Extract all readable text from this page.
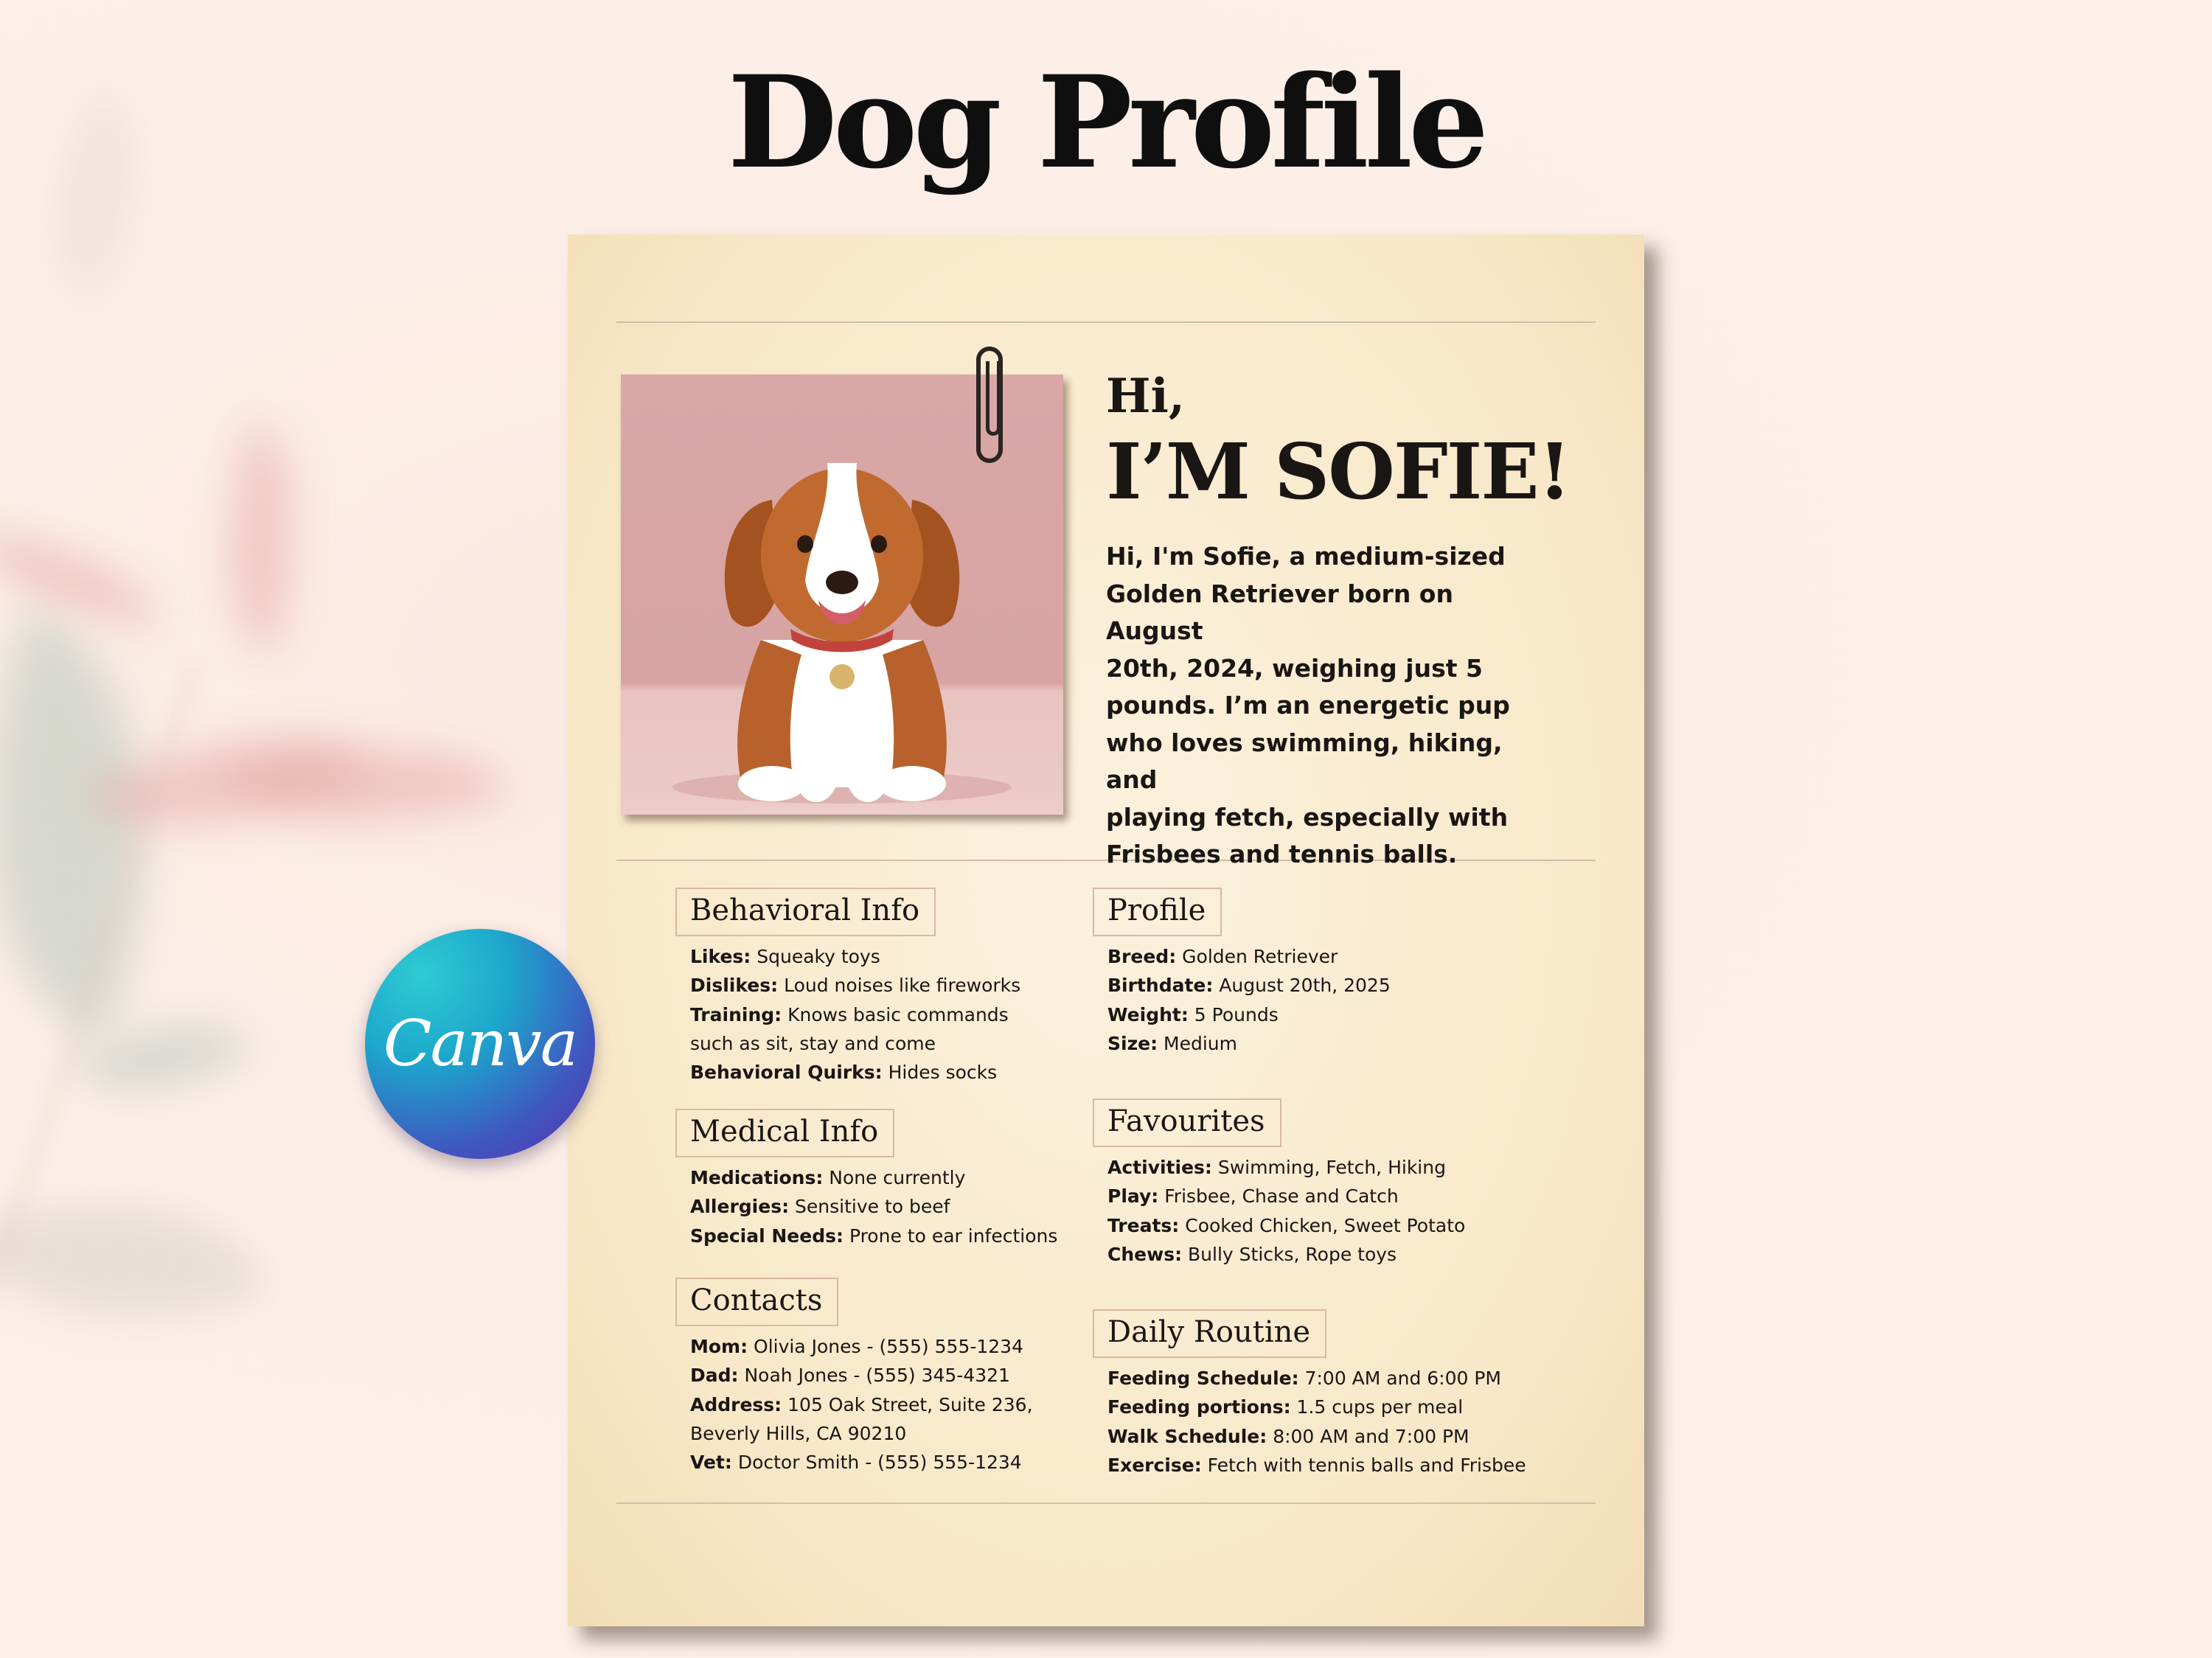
Dog Profile
Hi,
I’M SOFIE!
Hi, I'm Sofie, a medium-sized
Golden Retriever born on August
20th, 2024, weighing just 5
pounds. I’m an energetic pup
who loves swimming, hiking, and
playing fetch, especially with
Frisbees and tennis balls.
Behavioral Info
Likes: Squeaky toys
Dislikes: Loud noises like fireworks
Training: Knows basic commands
such as sit, stay and come
Behavioral Quirks: Hides socks
Medical Info
Medications: None currently
Allergies: Sensitive to beef
Special Needs: Prone to ear infections
Contacts
Mom: Olivia Jones - (555) 555-1234
Dad: Noah Jones - (555) 345-4321
Address: 105 Oak Street, Suite 236,
Beverly Hills, CA 90210
Vet: Doctor Smith - (555) 555-1234
Profile
Breed: Golden Retriever
Birthdate: August 20th, 2025
Weight: 5 Pounds
Size: Medium
Favourites
Activities: Swimming, Fetch, Hiking
Play: Frisbee, Chase and Catch
Treats: Cooked Chicken, Sweet Potato
Chews: Bully Sticks, Rope toys
Daily Routine
Feeding Schedule: 7:00 AM and 6:00 PM
Feeding portions: 1.5 cups per meal
Walk Schedule: 8:00 AM and 7:00 PM
Exercise: Fetch with tennis balls and Frisbee
Canva
